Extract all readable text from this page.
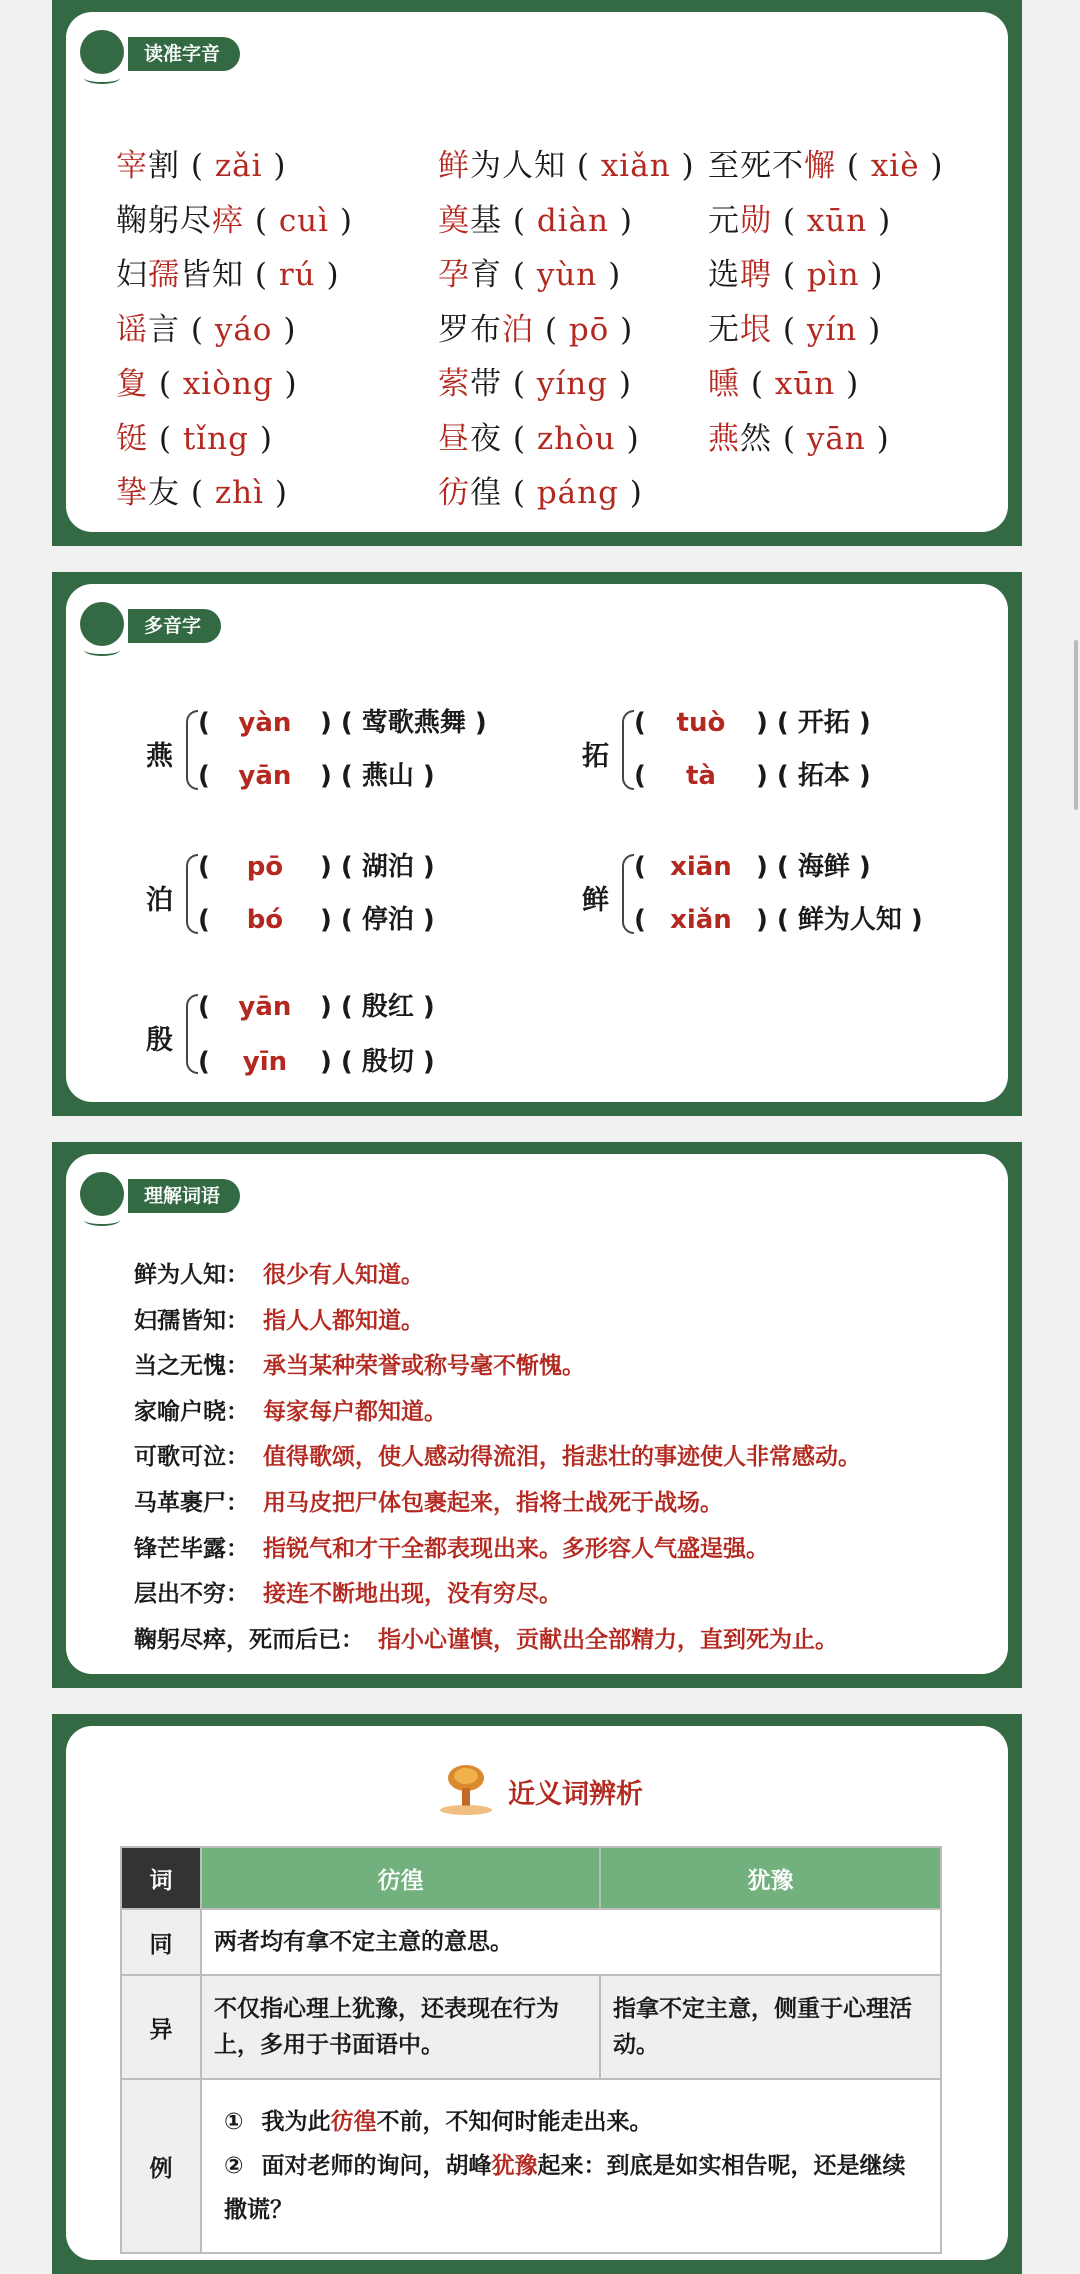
读准字音
宰割 ( zǎi )	鲜为人知 ( xiǎn ) 至死不懈 ( xiè )
鞠躬尽瘁 ( cuì )	奠基 ( diàn ) 元勋 ( xūn )
妇孺皆知 ( rú )	孕育 ( yùn )	选聘 ( pìn )
谣言 ( yáo )	罗布泊 ( pō ) 无垠 ( yín )
夐 ( xiòng )	萦带 ( yíng ) 曛 ( xūn )
铤 ( tǐng )	昼夜 ( zhòu ) 燕然 ( yān )
挚友 ( zhì )	彷徨 ( páng )
多音字
燕
( yàn ) ( 莺歌燕舞 )
( yān ) ( 燕山 )
拓
( tuò ) ( 开拓 )
( tà ) ( 拓本 )
泊
( pō ) ( 湖泊 )
( bó ) ( 停泊 )
鲜
( xiān ) ( 海鲜 )
( xiǎn ) ( 鲜为人知 )
殷
( yān ) ( 殷红 )
( yīn ) ( 殷切 )
理解词语
鲜为人知： 很少有人知道。
妇孺皆知： 指人人都知道。
当之无愧： 承当某种荣誉或称号毫不惭愧。
家喻户晓： 每家每户都知道。
可歌可泣： 值得歌颂，使人感动得流泪，指悲壮的事迹使人非常感动。
马革裹尸： 用马皮把尸体包裹起来，指将士战死于战场。
锋芒毕露： 指锐气和才干全都表现出来。多形容人气盛逞强。
层出不穷： 接连不断地出现，没有穷尽。
鞠躬尽瘁，死而后已： 指小心谨慎，贡献出全部精力，直到死为止。
近义词辨析
词	彷徨	犹豫
同	两者均有拿不定主意的意思。	
异	不仅指心理上犹豫，还表现在行为上，多用于书面语中。	指拿不定主意，侧重于心理活动。
例	① 我为此彷徨不前，不知何时能走出来。
② 面对老师的询问，胡峰犹豫起来：到底是如实相告呢，还是继续撒谎？	
